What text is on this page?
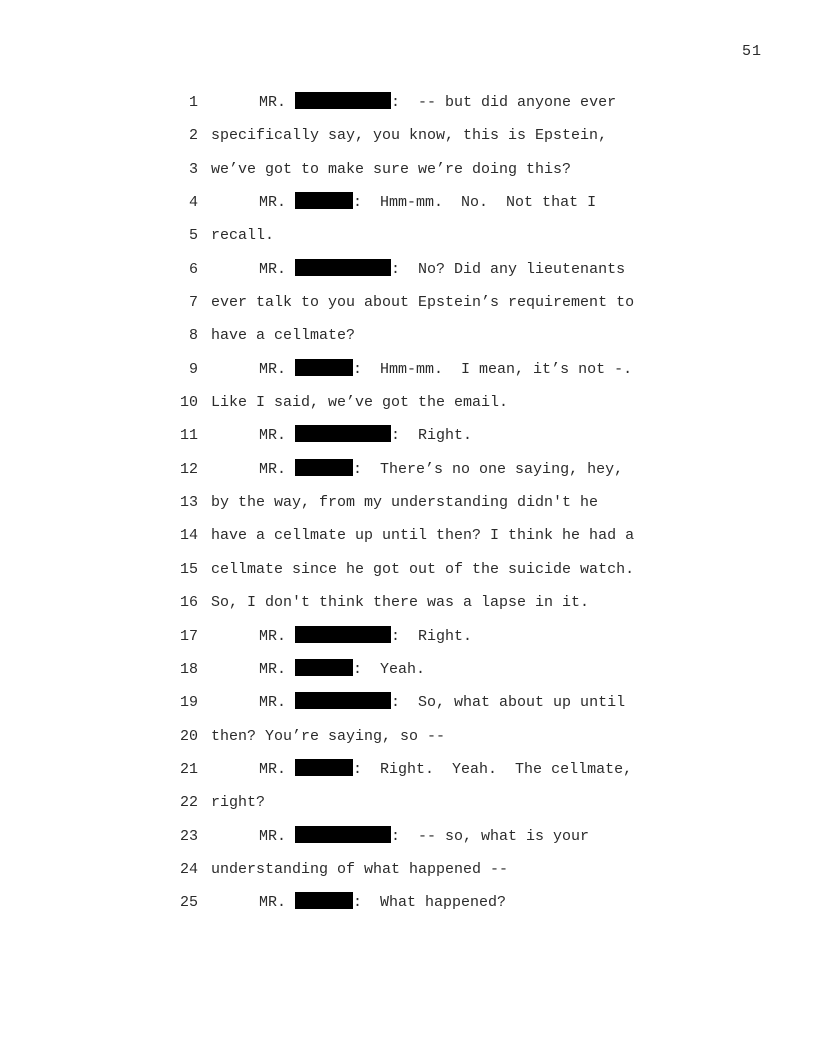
51
1	MR.	:  -- but did anyone ever
2 specifically say, you know, this is Epstein,
3 we’ve got to make sure we’re doing this?
4	MR.	:  Hmm-mm.  No.  Not that I
5 recall.
6	MR.	:  No? Did any lieutenants
7 ever talk to you about Epstein’s requirement to
8 have a cellmate?
9	MR.	:  Hmm-mm.  I mean, it’s not -.
10 Like I said, we’ve got the email.
11	MR.	:  Right.
12	MR.	:  There’s no one saying, hey,
13 by the way, from my understanding didn't he
14 have a cellmate up until then? I think he had a
15 cellmate since he got out of the suicide watch.
16 So, I don't think there was a lapse in it.
17	MR.	:  Right.
18	MR.	:  Yeah.
19	MR.	:  So, what about up until
20 then? You’re saying, so --
21	MR.	:  Right.  Yeah.  The cellmate,
22 right?
23	MR.	:  -- so, what is your
24 understanding of what happened --
25	MR.	:  What happened?
